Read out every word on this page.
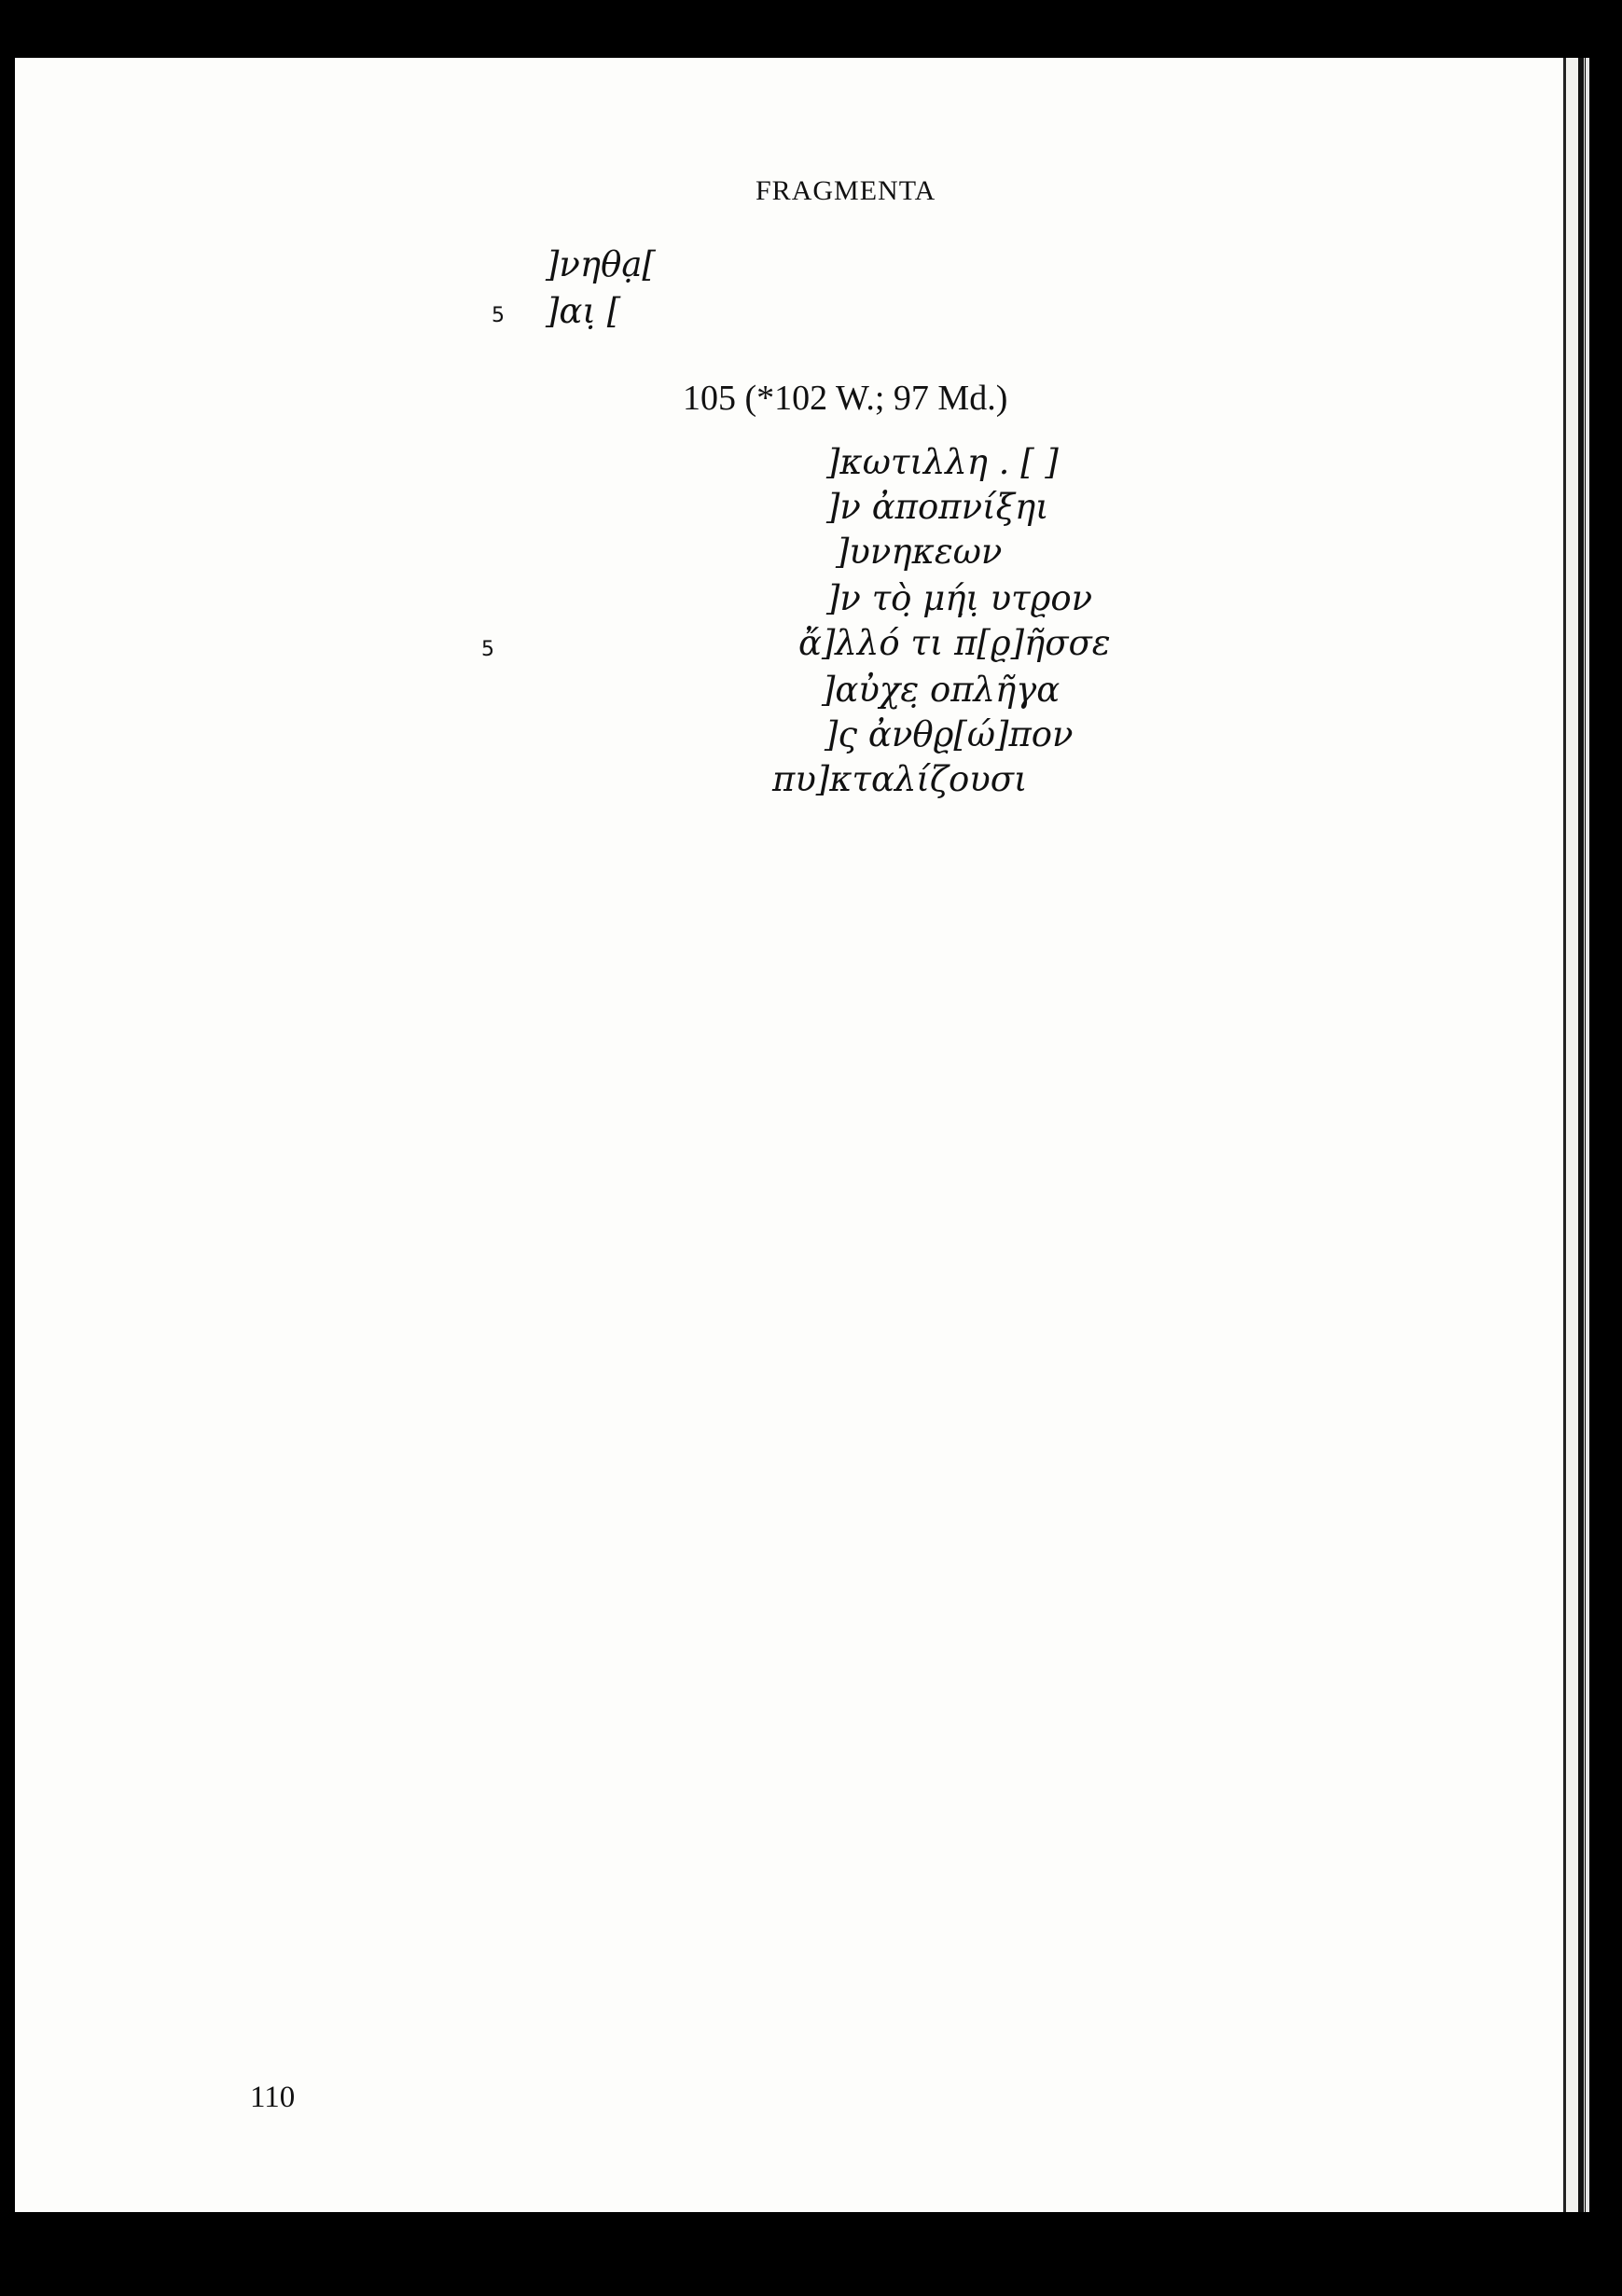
FRAGMENTA
]νηθạ[
5 ]αι̣ [
105 (*102 W.; 97 Md.)
]κωτιλλη . [ ]
]ν ἀποπνίξηι
]υνηκεων
]ν τὸ̣ μή̣ι̣ υτϱον
5	ἄ]λλό τι π[ϱ]ῆσσε
]αὐχε̣ οπλῆγα
]ς ἀνθϱ[ώ]πον
πυ]κταλίζουσι
110
